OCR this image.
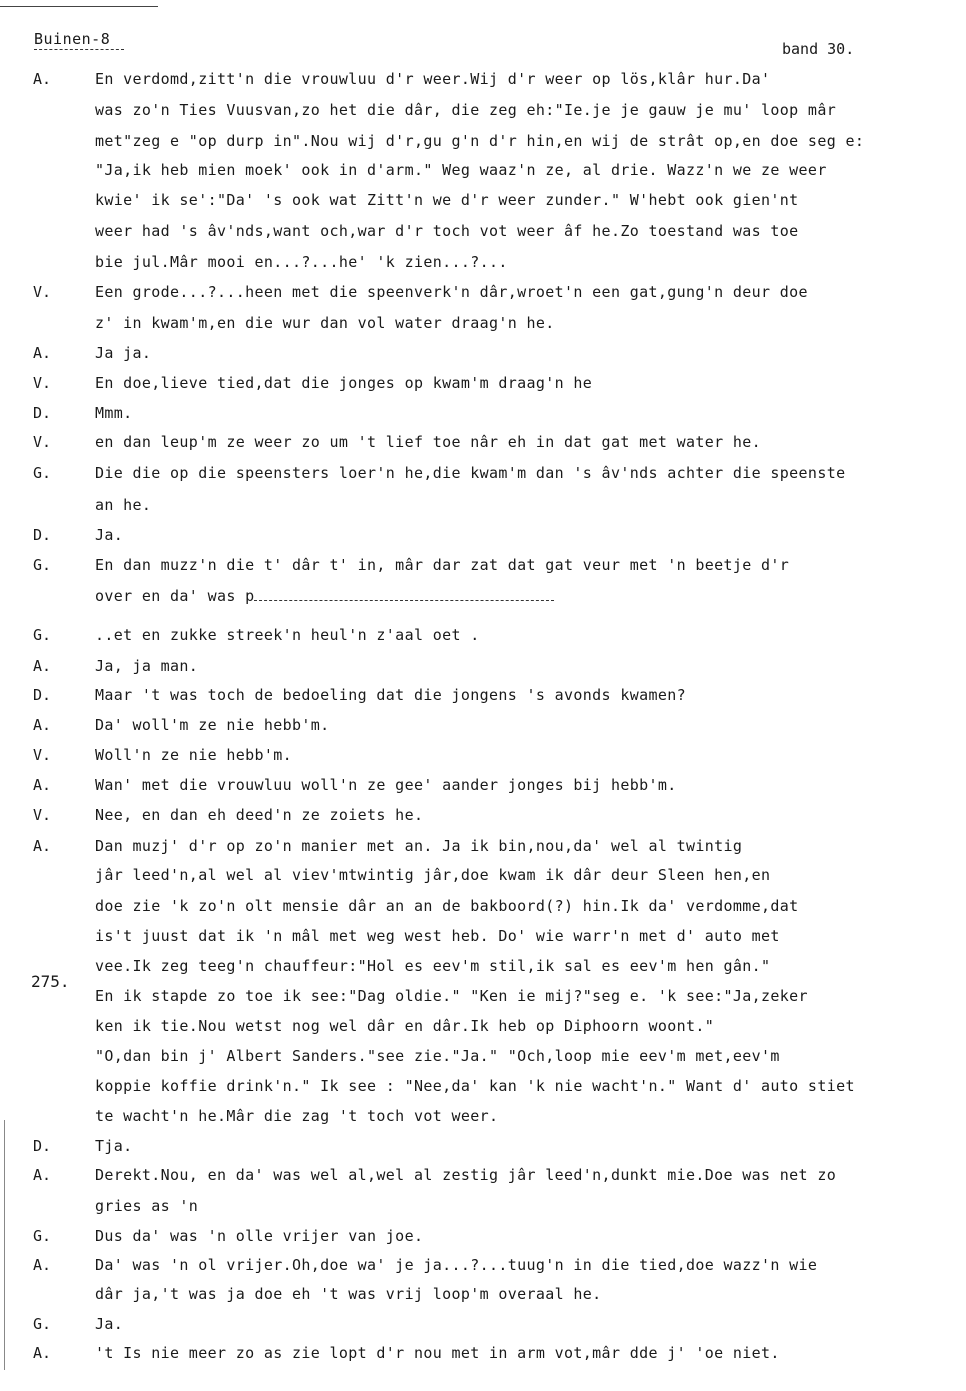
Buinen-8
band 30.
275.
A.	En verdomd,zitt'n die vrouwluu d'r weer.Wij d'r weer op lös,klâr hur.Da'
was zo'n Ties Vuusvan,zo het die dâr, die zeg eh:"Ie.je je gauw je mu' loop mâr
met"zeg e "op durp in".Nou wij d'r,gu g'n d'r hin,en wij de strât op,en doe seg e:
"Ja,ik heb mien moek' ook in d'arm." Weg waaz'n ze, al drie. Wazz'n we ze weer
kwie' ik se':"Da' 's ook wat Zitt'n we d'r weer zunder." W'hebt ook gien'nt
weer had 's âv'nds,want och,war d'r toch vot weer âf he.Zo toestand was toe
bie jul.Mâr mooi en...?...he' 'k zien...?...
V.	Een grode...?...heen met die speenverk'n dâr,wroet'n een gat,gung'n deur doe
z' in kwam'm,en die wur dan vol water draag'n he.
A.	Ja ja.
V.	En doe,lieve tied,dat die jonges op kwam'm draag'n he
D.	Mmm.
V.	en dan leup'm ze weer zo um 't lief toe nâr eh in dat gat met water he.
G.	Die die op die speensters loer'n he,die kwam'm dan 's âv'nds achter die speenste
an he.
D.	Ja.
G.	En dan muzz'n die t' dâr t' in, mâr dar zat dat gat veur met 'n beetje d'r
over en da' was p
G.	..et en zukke streek'n heul'n z'aal oet .
A.	Ja, ja man.
D.	Maar 't was toch de bedoeling dat die jongens 's avonds kwamen?
A.	Da' woll'm ze nie hebb'm.
V.	Woll'n ze nie hebb'm.
A.	Wan' met die vrouwluu woll'n ze gee' aander jonges bij hebb'm.
V.	Nee, en dan eh deed'n ze zoiets he.
A.	Dan muzj' d'r op zo'n manier met an. Ja ik bin,nou,da' wel al twintig
jâr leed'n,al wel al viev'mtwintig jâr,doe kwam ik dâr deur Sleen hen,en
doe zie 'k zo'n olt mensie dâr an an de bakboord(?) hin.Ik da' verdomme,dat
is't juust dat ik 'n mâl met weg west heb. Do' wie warr'n met d' auto met
vee.Ik zeg teeg'n chauffeur:"Hol es eev'm stil,ik sal es eev'm hen gân."
En ik stapde zo toe ik see:"Dag oldie." "Ken ie mij?"seg e. 'k see:"Ja,zeker
ken ik tie.Nou wetst nog wel dâr en dâr.Ik heb op Diphoorn woont."
"O,dan bin j' Albert Sanders."see zie."Ja." "Och,loop mie eev'm met,eev'm
koppie koffie drink'n." Ik see : "Nee,da' kan 'k nie wacht'n." Want d' auto stiet
te wacht'n he.Mâr die zag 't toch vot weer.
D.	Tja.
A.	Derekt.Nou, en da' was wel al,wel al zestig jâr leed'n,dunkt mie.Doe was net zo
gries as 'n
G.	Dus da' was 'n olle vrijer van joe.
A.	Da' was 'n ol vrijer.Oh,doe wa' je ja...?...tuug'n in die tied,doe wazz'n wie
dâr ja,'t was ja doe eh 't was vrij loop'm overaal he.
G.	Ja.
A.	't Is nie meer zo as zie lopt d'r nou met in arm vot,mâr dde j' 'oe niet.
